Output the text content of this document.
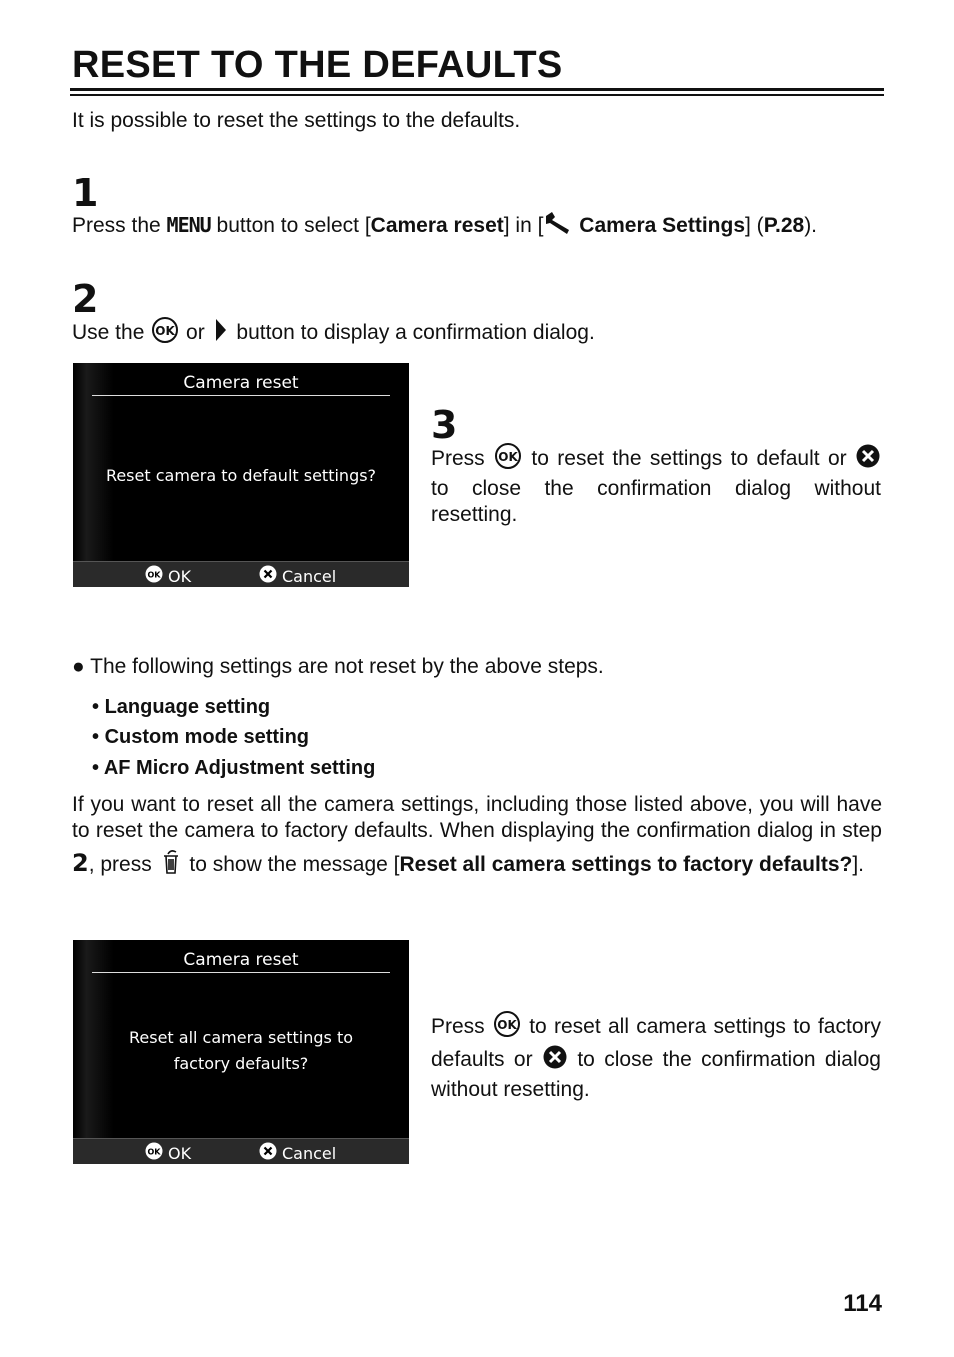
RESET TO THE DEFAULTS
It is possible to reset the settings to the defaults.
1
Press the MENU button to select [Camera reset] in [ Camera Settings] (P.28).
2
Use the OK or  button to display a confirmation dialog.
Camera reset
Reset camera to default settings?
OK OK	Cancel
3
Press OK to reset the settings to default or  to close the confirmation dialog without resetting.
● The following settings are not reset by the above steps.
• Language setting
• Custom mode setting
• AF Micro Adjustment setting
If you want to reset all the camera settings, including those listed above, you will have to reset the camera to factory defaults. When displaying the confirmation dialog in step 2, press  to show the message [Reset all camera settings to factory defaults?].
Camera reset
Reset all camera settings to
factory defaults?
OK OK	Cancel
Press OK to reset all camera settings to factory defaults or  to close the confirmation dialog without resetting.
114
